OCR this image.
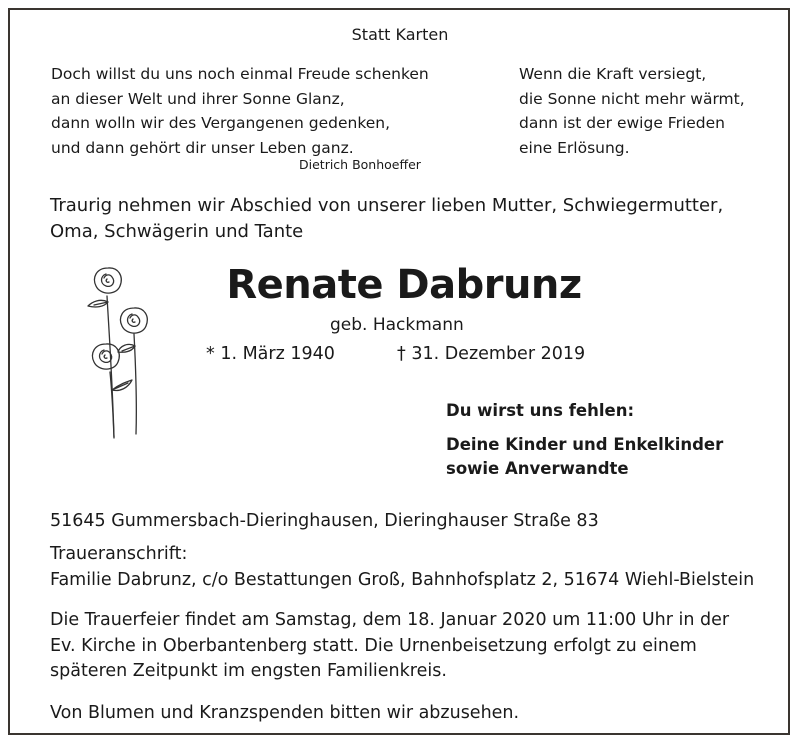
Statt Karten
Doch willst du uns noch einmal Freude schenken
an dieser Welt und ihrer Sonne Glanz,
dann wolln wir des Vergangenen gedenken,
und dann gehört dir unser Leben ganz.
Dietrich Bonhoeffer
Wenn die Kraft versiegt,
die Sonne nicht mehr wärmt,
dann ist der ewige Frieden
eine Erlösung.
Traurig nehmen wir Abschied von unserer lieben Mutter, Schwiegermutter,
Oma, Schwägerin und Tante
Renate Dabrunz
geb. Hackmann
* 1. März 1940	† 31. Dezember 2019
Du wirst uns fehlen:
Deine Kinder und Enkelkinder
sowie Anverwandte
51645 Gummersbach-Dieringhausen, Dieringhauser Straße 83
Traueranschrift:
Familie Dabrunz, c/o Bestattungen Groß, Bahnhofsplatz 2, 51674 Wiehl-Bielstein
Die Trauerfeier findet am Samstag, dem 18. Januar 2020 um 11:00 Uhr in der
Ev. Kirche in Oberbantenberg statt. Die Urnenbeisetzung erfolgt zu einem
späteren Zeitpunkt im engsten Familienkreis.
Von Blumen und Kranzspenden bitten wir abzusehen.
